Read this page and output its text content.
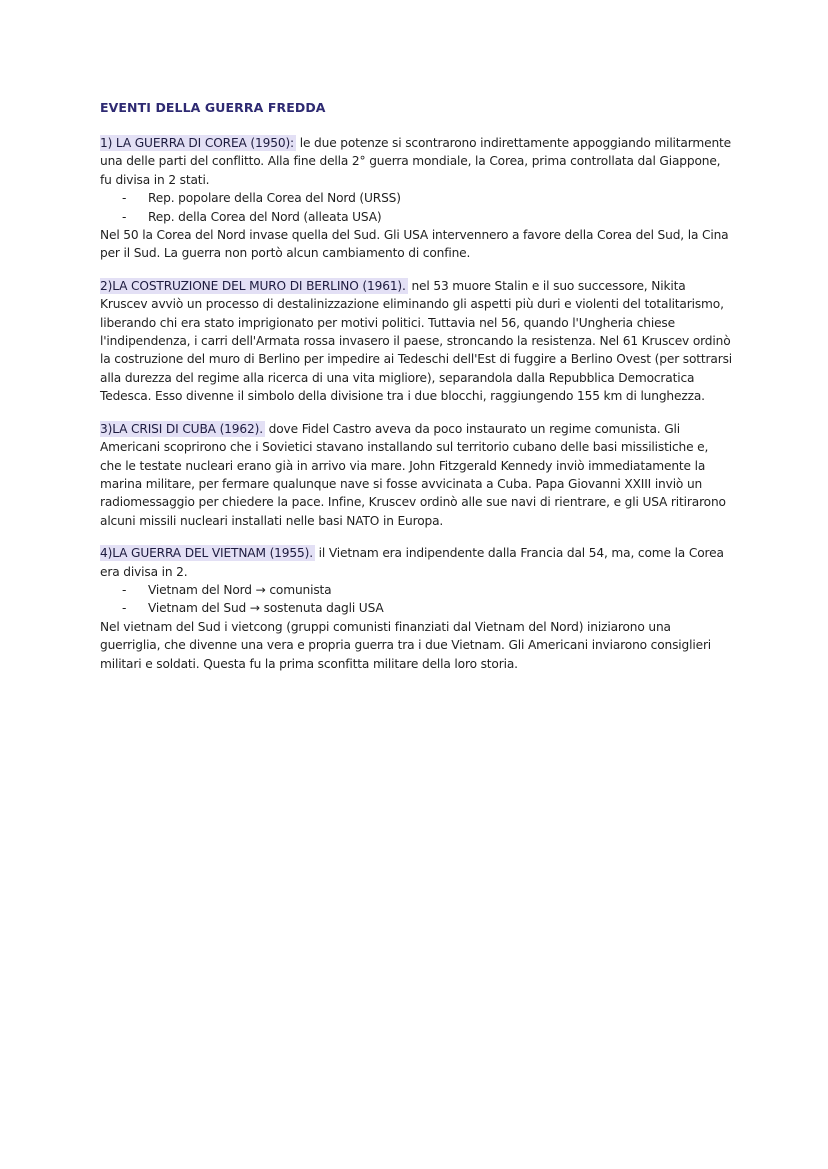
EVENTI DELLA GUERRA FREDDA

1) LA GUERRA DI COREA (1950): le due potenze si scontrarono indirettamente appoggiando militarmente una delle parti del conflitto. Alla fine della 2° guerra mondiale, la Corea, prima controllata dal Giappone, fu divisa in 2 stati.

- Rep. popolare della Corea del Nord (URSS)
- Rep. della Corea del Nord (alleata USA)

Nel 50 la Corea del Nord invase quella del Sud. Gli USA intervennero a favore della Corea del Sud, la Cina per il Sud. La guerra non portò alcun cambiamento di confine.

2)LA COSTRUZIONE DEL MURO DI BERLINO (1961). nel 53 muore Stalin e il suo successore, Nikita Kruscev avviò un processo di destalinizzazione eliminando gli aspetti più duri e violenti del totalitarismo, liberando chi era stato imprigionato per motivi politici. Tuttavia nel 56, quando l'Ungheria chiese l'indipendenza, i carri dell'Armata rossa invasero il paese, stroncando la resistenza. Nel 61 Kruscev ordinò la costruzione del muro di Berlino per impedire ai Tedeschi dell'Est di fuggire a Berlino Ovest (per sottrarsi alla durezza del regime alla ricerca di una vita migliore), separandola dalla Repubblica Democratica Tedesca. Esso divenne il simbolo della divisione tra i due blocchi, raggiungendo 155 km di lunghezza.

3)LA CRISI DI CUBA (1962). dove Fidel Castro aveva da poco instaurato un regime comunista. Gli Americani scoprirono che i Sovietici stavano installando sul territorio cubano delle basi missilistiche e, che le testate nucleari erano già in arrivo via mare. John Fitzgerald Kennedy inviò immediatamente la marina militare, per fermare qualunque nave si fosse avvicinata a Cuba. Papa Giovanni XXIII inviò un radiomessaggio per chiedere la pace. Infine, Kruscev ordinò alle sue navi di rientrare, e gli USA ritirarono alcuni missili nucleari installati nelle basi NATO in Europa.

4)LA GUERRA DEL VIETNAM (1955). il Vietnam era indipendente dalla Francia dal 54, ma, come la Corea era divisa in 2.

- Vietnam del Nord → comunista
- Vietnam del Sud → sostenuta dagli USA

Nel vietnam del Sud i vietcong (gruppi comunisti finanziati dal Vietnam del Nord) iniziarono una guerriglia, che divenne una vera e propria guerra tra i due Vietnam. Gli Americani inviarono consiglieri militari e soldati. Questa fu la prima sconfitta militare della loro storia.
